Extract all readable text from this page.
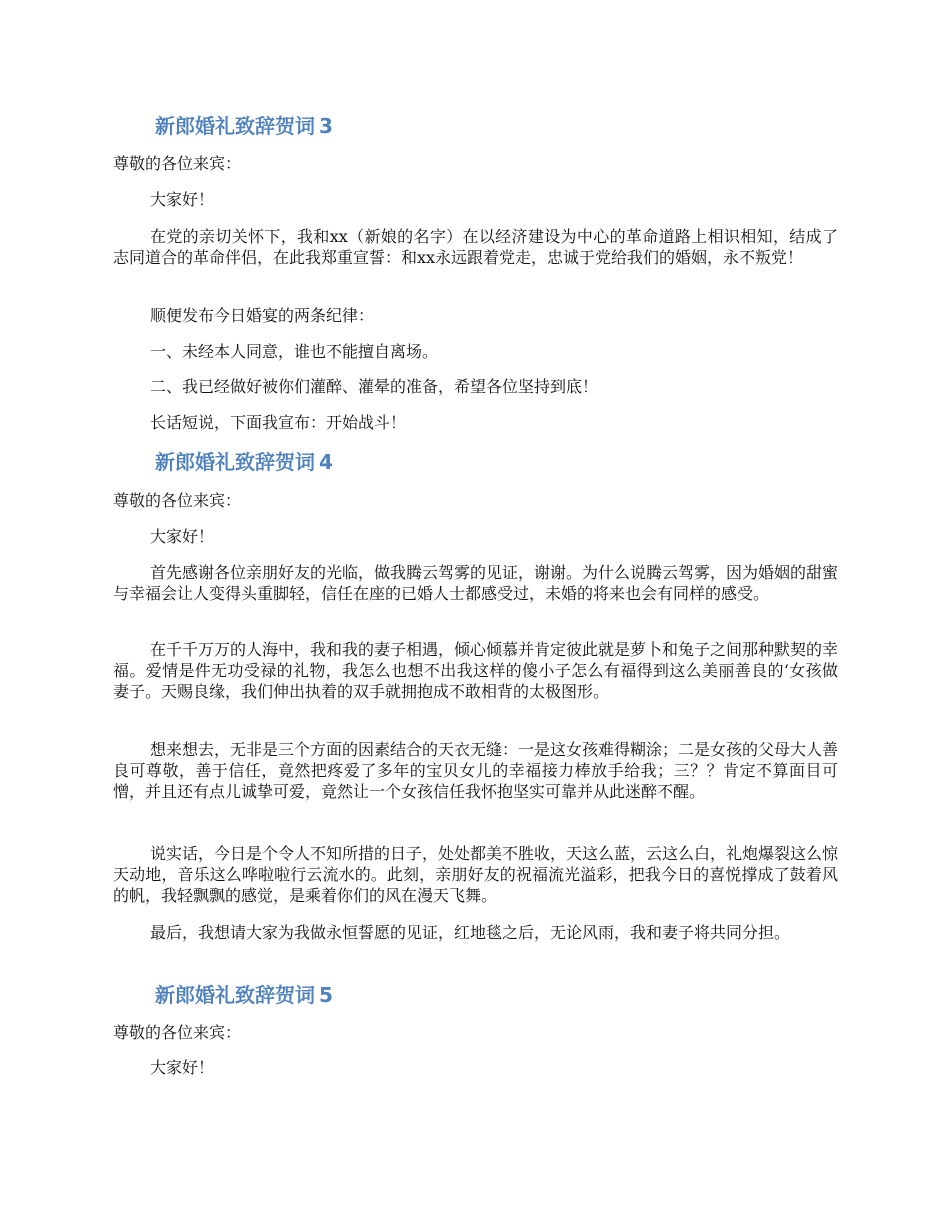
新郎婚礼致辞贺词 3
尊敬的各位来宾：
大家好！
在党的亲切关怀下，我和xx（新娘的名字）在以经济建设为中心的革命道路上相识相知，结成了志同道合的革命伴侣，在此我郑重宣誓：和xx永远跟着党走，忠诚于党给我们的婚姻，永不叛党！
顺便发布今日婚宴的两条纪律：
一、未经本人同意，谁也不能擅自离场。
二、我已经做好被你们灌醉、灌晕的准备，希望各位坚持到底！
长话短说，下面我宣布：开始战斗！
新郎婚礼致辞贺词 4
尊敬的各位来宾：
大家好！
首先感谢各位亲朋好友的光临，做我腾云驾雾的见证，谢谢。为什么说腾云驾雾，因为婚姻的甜蜜与幸福会让人变得头重脚轻，信任在座的已婚人士都感受过，未婚的将来也会有同样的感受。
在千千万万的人海中，我和我的妻子相遇，倾心倾慕并肯定彼此就是萝卜和兔子之间那种默契的幸福。爱情是件无功受禄的礼物，我怎么也想不出我这样的傻小子怎么有福得到这么美丽善良的‘女孩做妻子。天赐良缘，我们伸出执着的双手就拥抱成不敢相背的太极图形。
想来想去，无非是三个方面的因素结合的天衣无缝：一是这女孩难得糊涂；二是女孩的父母大人善良可尊敬，善于信任，竟然把疼爱了多年的宝贝女儿的幸福接力棒放手给我；三？？肯定不算面目可憎，并且还有点儿诚挚可爱，竟然让一个女孩信任我怀抱坚实可靠并从此迷醉不醒。
说实话，今日是个令人不知所措的日子，处处都美不胜收，天这么蓝，云这么白，礼炮爆裂这么惊天动地，音乐这么哗啦啦行云流水的。此刻，亲朋好友的祝福流光溢彩，把我今日的喜悦撑成了鼓着风的帆，我轻飘飘的感觉，是乘着你们的风在漫天飞舞。
最后，我想请大家为我做永恒誓愿的见证，红地毯之后，无论风雨，我和妻子将共同分担。
新郎婚礼致辞贺词 5
尊敬的各位来宾：
大家好！
